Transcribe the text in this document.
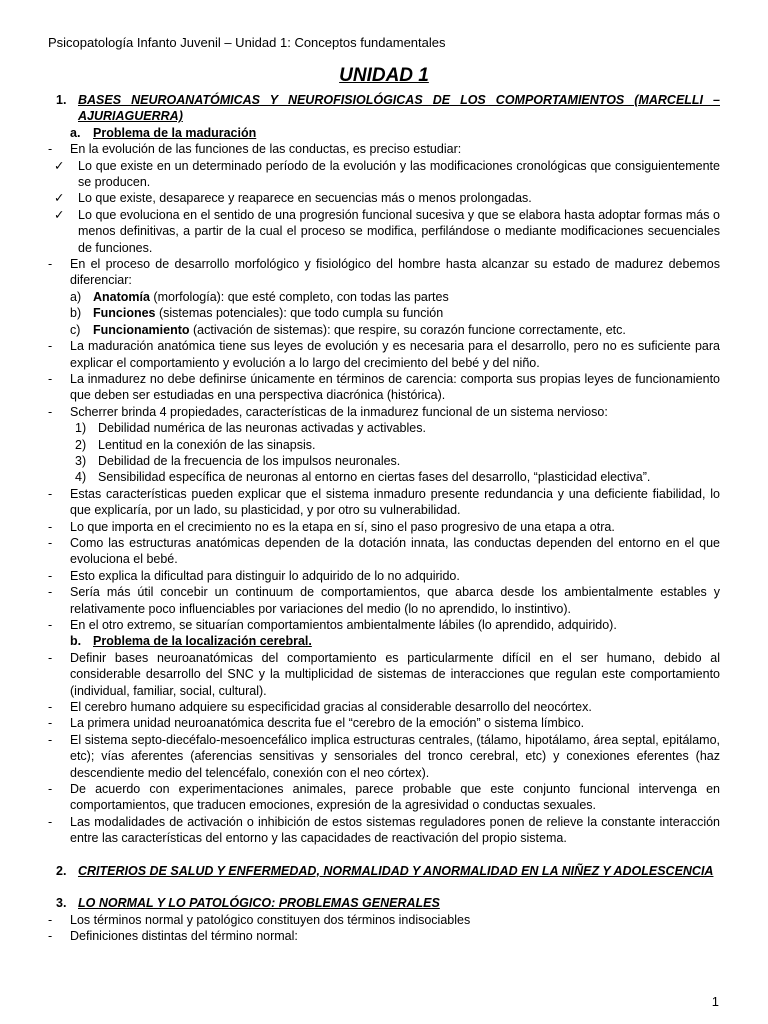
Psicopatología Infanto Juvenil – Unidad 1: Conceptos fundamentales
UNIDAD 1
1. BASES NEUROANATÓMICAS Y NEUROFISIOLÓGICAS DE LOS COMPORTAMIENTOS (MARCELLI – AJURIAGUERRA)
a. Problema de la maduración
- En la evolución de las funciones de las conductas, es preciso estudiar:
✓ Lo que existe en un determinado período de la evolución y las modificaciones cronológicas que consiguientemente se producen.
✓ Lo que existe, desaparece y reaparece en secuencias más o menos prolongadas.
✓ Lo que evoluciona en el sentido de una progresión funcional sucesiva y que se elabora hasta adoptar formas más o menos definitivas, a partir de la cual el proceso se modifica, perfilándose o mediante modificaciones secuenciales de funciones.
- En el proceso de desarrollo morfológico y fisiológico del hombre hasta alcanzar su estado de madurez debemos diferenciar:
a) Anatomía (morfología): que esté completo, con todas las partes
b) Funciones (sistemas potenciales): que todo cumpla su función
c) Funcionamiento (activación de sistemas): que respire, su corazón funcione correctamente, etc.
- La maduración anatómica tiene sus leyes de evolución y es necesaria para el desarrollo, pero no es suficiente para explicar el comportamiento y evolución a lo largo del crecimiento del bebé y del niño.
- La inmadurez no debe definirse únicamente en términos de carencia: comporta sus propias leyes de funcionamiento que deben ser estudiadas en una perspectiva diacrónica (histórica).
- Scherrer brinda 4 propiedades, características de la inmadurez funcional de un sistema nervioso:
1) Debilidad numérica de las neuronas activadas y activables.
2) Lentitud en la conexión de las sinapsis.
3) Debilidad de la frecuencia de los impulsos neuronales.
4) Sensibilidad específica de neuronas al entorno en ciertas fases del desarrollo, “plasticidad electiva”.
- Estas características pueden explicar que el sistema inmaduro presente redundancia y una deficiente fiabilidad, lo que explicaría, por un lado, su plasticidad, y por otro su vulnerabilidad.
- Lo que importa en el crecimiento no es la etapa en sí, sino el paso progresivo de una etapa a otra.
- Como las estructuras anatómicas dependen de la dotación innata, las conductas dependen del entorno en el que evoluciona el bebé.
- Esto explica la dificultad para distinguir lo adquirido de lo no adquirido.
- Sería más útil concebir un continuum de comportamientos, que abarca desde los ambientalmente estables y relativamente poco influenciables por variaciones del medio (lo no aprendido, lo instintivo).
- En el otro extremo, se situarían comportamientos ambientalmente lábiles (lo aprendido, adquirido).
b. Problema de la localización cerebral.
- Definir bases neuroanatómicas del comportamiento es particularmente difícil en el ser humano, debido al considerable desarrollo del SNC y la multiplicidad de sistemas de interacciones que regulan este comportamiento (individual, familiar, social, cultural).
- El cerebro humano adquiere su especificidad gracias al considerable desarrollo del neocórtex.
- La primera unidad neuroanatómica descrita fue el “cerebro de la emoción” o sistema límbico.
- El sistema septo-diecéfalo-mesoencefálico implica estructuras centrales, (tálamo, hipotálamo, área septal, epitálamo, etc); vías aferentes (aferencias sensitivas y sensoriales del tronco cerebral, etc) y conexiones eferentes (haz descendiente medio del telencéfalo, conexión con el neo córtex).
- De acuerdo con experimentaciones animales, parece probable que este conjunto funcional intervenga en comportamientos, que traducen emociones, expresión de la agresividad o conductas sexuales.
- Las modalidades de activación o inhibición de estos sistemas reguladores ponen de relieve la constante interacción entre las características del entorno y las capacidades de reactivación del propio sistema.
2. CRITERIOS DE SALUD Y ENFERMEDAD, NORMALIDAD Y ANORMALIDAD EN LA NIÑEZ Y ADOLESCENCIA
3. LO NORMAL Y LO PATOLÓGICO: PROBLEMAS GENERALES
- Los términos normal y patológico constituyen dos términos indisociables
- Definiciones distintas del término normal:
1
